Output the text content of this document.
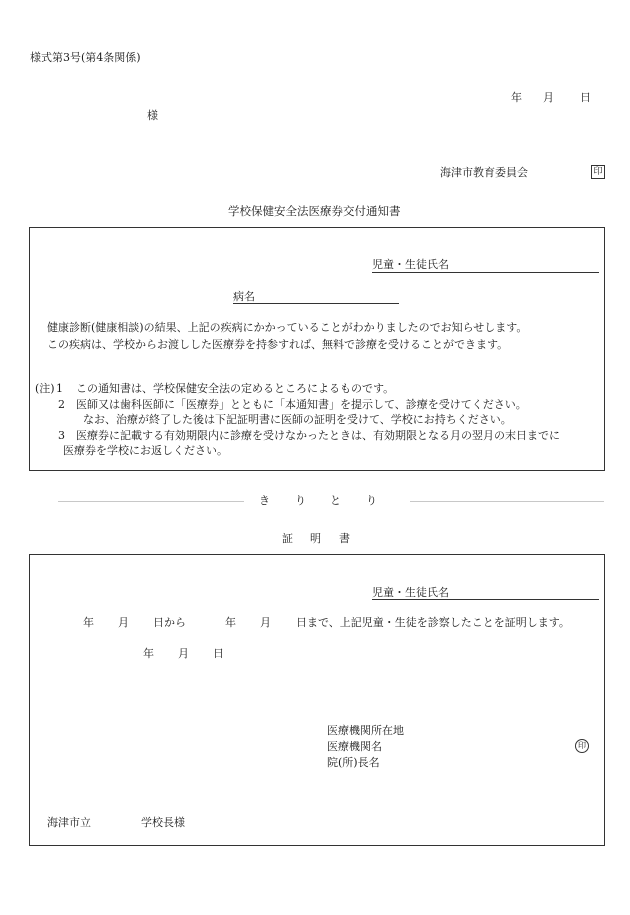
様式第3号(第4条関係)
年 月 日
様
海津市教育委員会	印
学校保健安全法医療券交付通知書
児童・生徒氏名
病名
健康診断(健康相談)の結果、上記の疾病にかかっていることがわかりましたのでお知らせします。
この疾病は、学校からお渡しした医療券を持参すれば、無料で診療を受けることができます。
(注) 1 この通知書は、学校保健安全法の定めるところによるものです。
2 医師又は歯科医師に「医療券」とともに「本通知書」を提示して、診療を受けてください。
なお、治療が終了した後は下記証明書に医師の証明を受けて、学校にお持ちください。
3 医療券に記載する有効期限内に診療を受けなかったときは、有効期限となる月の翌月の末日までに
医療券を学校にお返しください。
き り と り
証 明 書
児童・生徒氏名
年 月 日から	年 月 日まで、上記児童・生徒を診察したことを証明します。
年 月 日
医療機関所在地
医療機関名	印
院(所)長名
海津市立	学校長様
